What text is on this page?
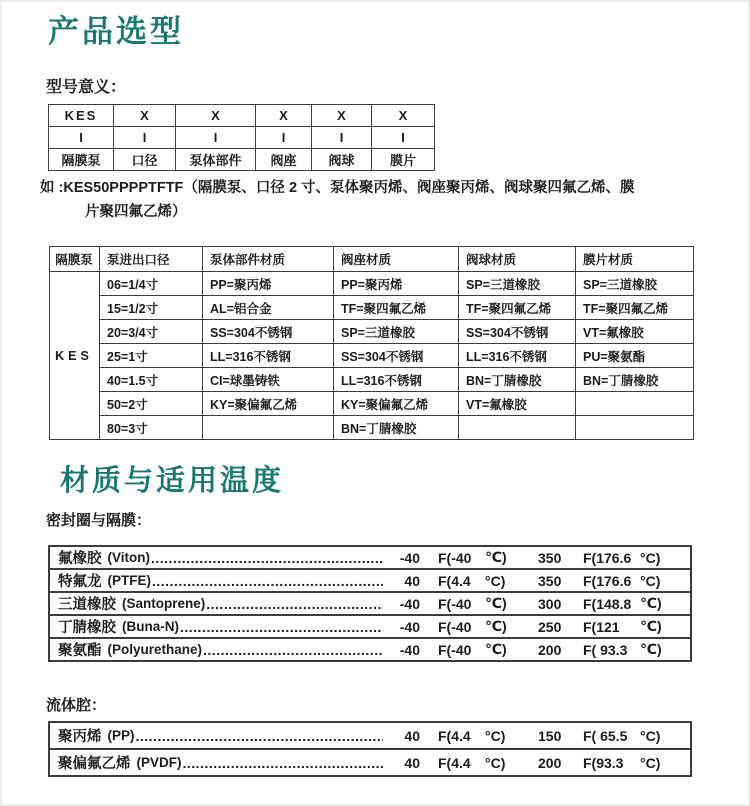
产品选型
型号意义：
KES	X	X	X	X	X
I	I	I	I	I	I
隔膜泵	口径	泵体部件	阀座	阀球	膜片
如 :KES50PPPPTFTF（隔膜泵、口径 2 寸、泵体聚丙烯、阀座聚丙烯、阀球聚四氟乙烯、膜
片聚四氟乙烯）
隔膜泵	泵进出口径	泵体部件材质	阀座材质	阀球材质	膜片材质
KES	06=1/4寸	PP=聚丙烯	PP=聚丙烯	SP=三道橡胶	SP=三道橡胶
	15=1/2寸	AL=铝合金	TF=聚四氟乙烯	TF=聚四氟乙烯	TF=聚四氟乙烯
	20=3/4寸	SS=304不锈钢	SP=三道橡胶	SS=304不锈钢	VT=氟橡胶
	25=1寸	LL=316不锈钢	SS=304不锈钢	LL=316不锈钢	PU=聚氨酯
	40=1.5寸	CI=球墨铸铁	LL=316不锈钢	BN=丁腈橡胶	BN=丁腈橡胶
	50=2寸	KY=聚偏氟乙烯	KY=聚偏氟乙烯	VT=氟橡胶	
	80=3寸		BN=丁腈橡胶		
材质与适用温度
密封圈与隔膜：
氟橡胶 (Viton) .....	-40 F(-40 ℃)	350	F(176.6 °C)
特氟龙 (PTFE) .....	40 F(4.4	°C)	350	F(176.6 °C)
三道橡胶 (Santoprene) .....	-40 F(-40 ℃)	300	F(148.8 ℃)
丁腈橡胶 (Buna-N) .....	-40 F(-40 ℃)	250	F(121	℃)
聚氨酯 (Polyurethane) .....	-40 F(-40 ℃)	200	F( 93.3 ℃)
流体腔：
聚丙烯 (PP) .....	40 F(4.4	°C)	150	F( 65.5 °C)
聚偏氟乙烯 (PVDF) .....	40 F(4.4	°C)	200	F(93.3	°C)
